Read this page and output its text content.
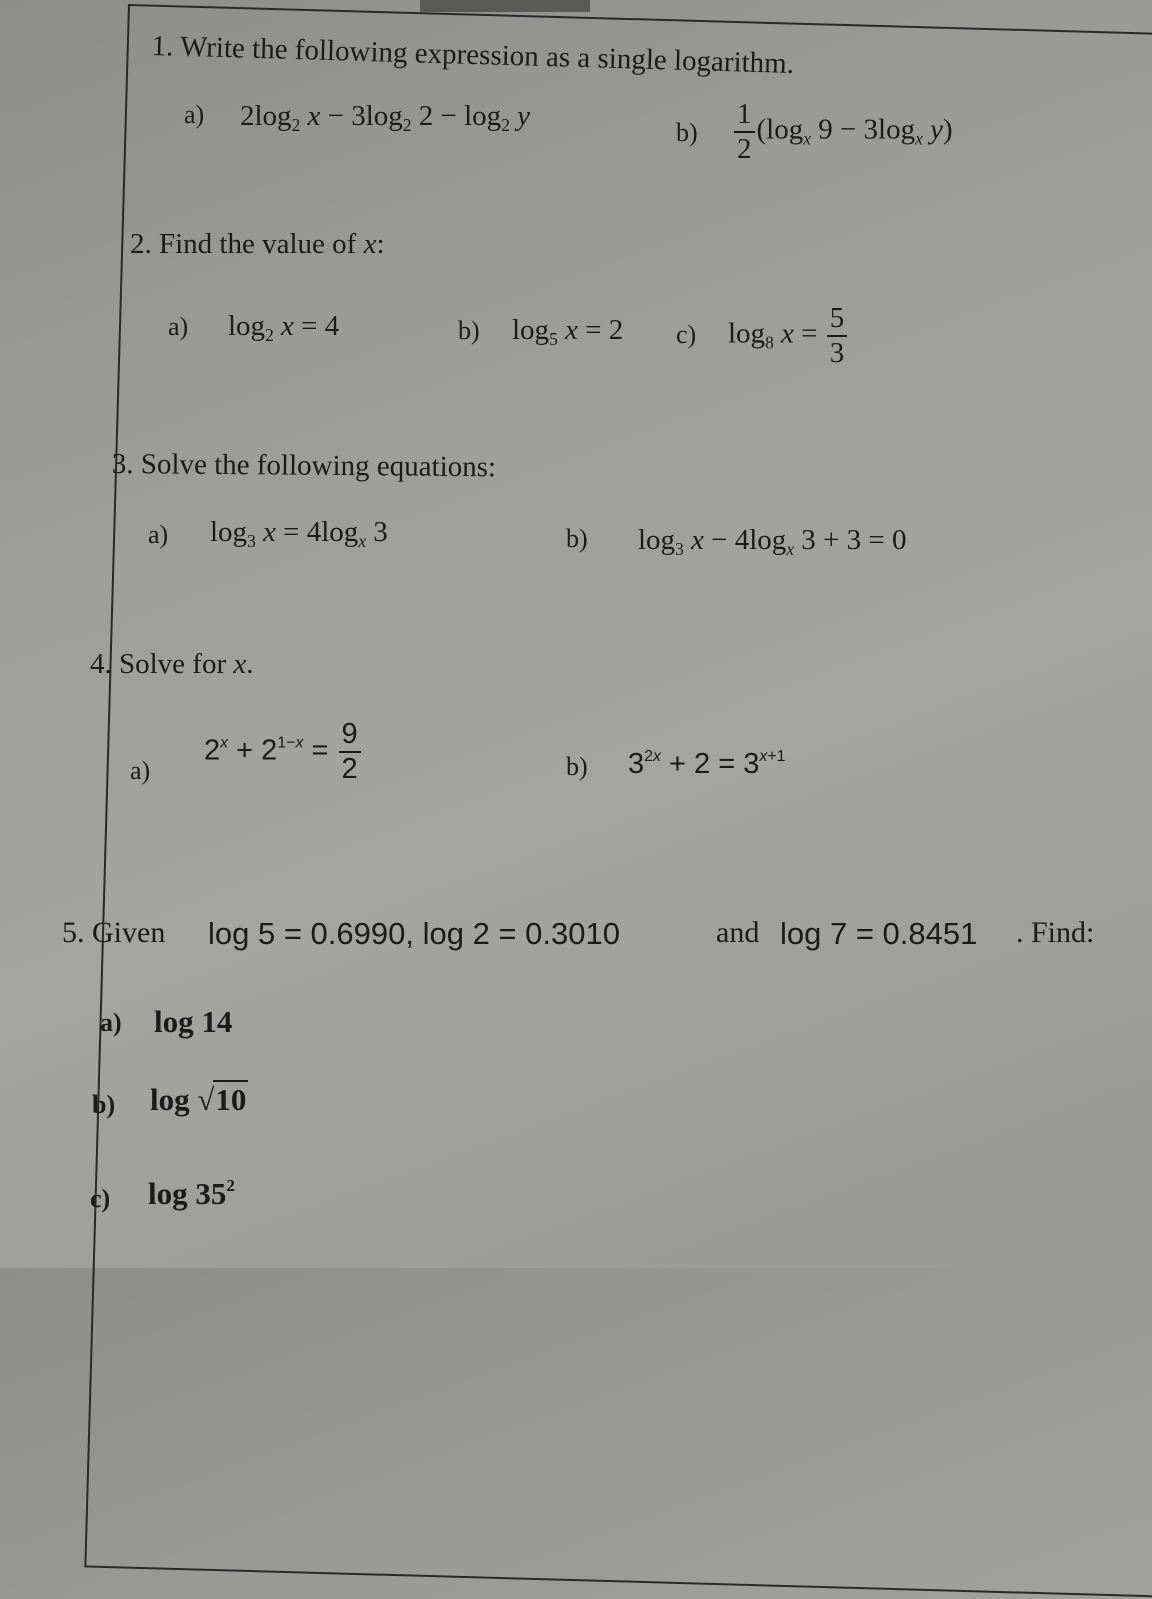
1. Write the following expression as a single logarithm.
a) $2\log_2$ $x - 3\log_2$ $2 - \log_2 y$
$b) \frac{1}{2} (\log_x$ $9 - 3\log_x$ y)
2. Find the value of x:
a) $\log_2 x = 4$	b) $\log_5 x = 2$ c) $\log_8 x = \frac{5}{3}$
3. Solve the following equations:
a) $\log_3 x = 4\log_x$ 3	b) $\log_3 x - 4\log_x$ 3 + 3 = 0
4. Solve for x.
a)
$2^x + 2^{1-x} = \frac{9}{2}$	b) $3^{2x} + 2 = 3^{x+1}$
5. Given log 5 = 0.6990, log 2 = 0.3010	and log 7 = 0.8451 . Find:
a) log 14
b) log √10
c) $\log 35^2$
